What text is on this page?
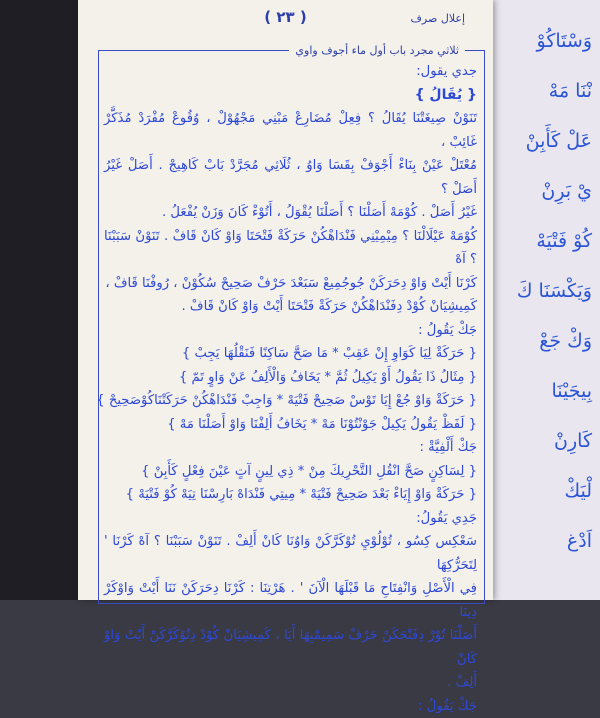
وَسْتَاكُوْ
نْنَا مَهْ
عَلْ كَأَبِنْ
يْ بَرِنْ
كُوْ فَتْيَهْ
وَيَكْسَنَا كَ
وَكْ جَعْ
بِيجَيْنَا
كَارِنْ
لْيَكْ
اَدْغ
إعلال صرف
( ٢٣ )
ثلاثي مجرد باب أول ماء أجوف واوي

جدي يقول:

{ يُقَالُ }

تَنَوْنْ صِيغَتْنَا يُقَالُ ؟ فِعِلْ مُضَارِعْ مَبْنِي مَجْهُوْلْ ، وُقُوعْ مُفْرَدْ مُذَكَّرْ غَائِبْ ،

مُعْتَلْ عَيْنْ بِنَاءْ أَجْوَفْ بِقَسَا وَاوُ ، ثُلَاثِي مُجَرَّدْ بَابْ كَاهِيجْ . أَصَلْ غَيْرُ أَصَلْ ؟

غَيْرُ أَصَلْ . كُوْمَهْ أَصَلْنَا ؟ أَصَلْنَا يُقْوَلُ ، أَتُوْءْ كَانَ وَزَنْ يُفْعَلُ .

كُوْمَهْ عَيْلَالْنَا ؟ مِيْمِيْنِي فَنْدَاهْكُنْ حَرَكَةْ فَتْحَتَا وَاوْ كَانْ قَافْ . تَنَوْنْ سَبَبْنَا ؟ آهْ

كَرْنَا أَيْتْ وَاوْ دِحَرَكَنْ جُوجُمِيعْ سَبَعْدَ حَرْفْ صَحِيحْ سُكُوْنْ ، رُوفْنَا قَافْ ،

كَمِيشِيَانْ كُوْدْ دِفَنْدَاهْكُنْ حَرَكَةْ فَتْحَتَا أَيْتْ وَاوْ كَانْ قَافْ .

جَكْ يَقُولُ :

{ حَرَكَةْ لِيَا كَوَاوِ إِنْ عَقِبْ * مَا صَحَّ سَاكِنًا فَنَقْلُهَا يَجِبْ }

{ مِثَالُ ذَا يَقُولُ أَوْ يَكِيلُ ثُمَّ * يَخَافُ وَالْأَلِفُ عَنْ وَاوٍ تَمّ }

{ حَرَكَةْ وَاوْ جُعْ إِيَا تَوْسْ صَحِيحْ فَتْيَهْ * وَاجِبْ فَنْدَاهْكُنْ حَرَكَتْنَاكُوْصَحِيحْ }

{ لَفَظْ يَقُولُ يَكِيلْ جَوْنْتُوْنَا مَهْ * يَخَافُ أَلِفْنَا وَاوْ أَصَلْنَا مَهْ }

جَكْ أَلْفِيَّةْ :

{ لِسَاكِنٍ صَحَّ انْقُلِ التَّحْرِيكَ مِنْ * ذِي لِينٍ آتٍ عَيْنَ فِعْلٍ كَأَبِنْ }

{ حَرَكَةْ وَاوْ إِيَاءْ بَعْدَ صَحِيحْ فَتْيَهْ * مِيتِي فَنْدَاهْ بَارِسْنَا تِيَهْ كُوْ فَتْيَهْ }

جَدِي يَقُولُ:

سَعْكِس كِسُو ، تُوْلُوْيِ تُوْكَرَّكَنْ وَاوُنَا كَانْ أَلِفْ . تَنَوْنْ سَبَبْنَا ؟ آهْ كَرْنَا ' لِتَحَرُّكِهَا

فِي الْأَصْلِ وَانْفِتَاحِ مَا قَبْلَهَا الْآنَ ' . هَرْتِنَا : كَرْنَا دِحَرَكَنْ نَنَا أَيْتْ وَاوْكَرْ دِينَا

أَصَلْنَا تُوْرْ دِفَتْحَكَنْ حَرْفْ سَمِيمْبِهَا أَيَا ، كَمِيشِيَانْ كُوْدْ دِتُوْكَرَّكَنْ أَيْتْ وَاوْ كَانْ

أَلِفْ .

جَكْ يَقُولُ :
